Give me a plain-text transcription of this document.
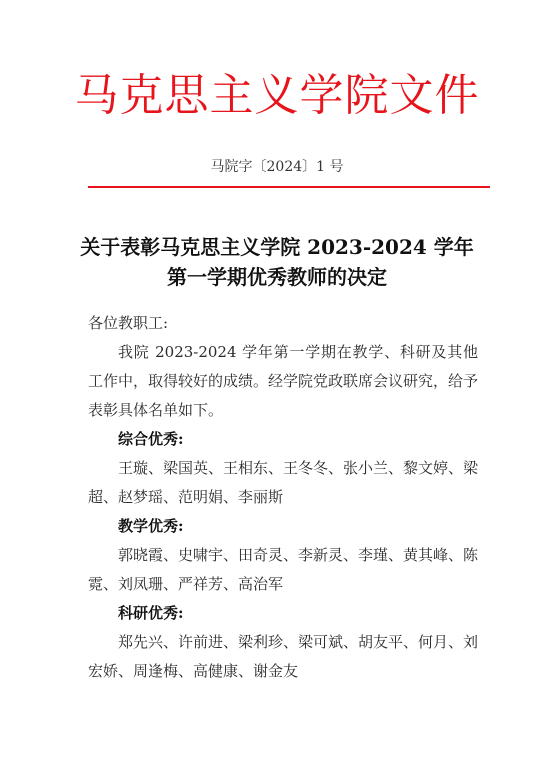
马克思主义学院文件
马院字〔2024〕1 号
关于表彰马克思主义学院 2023-2024 学年
第一学期优秀教师的决定

各位教职工:

我院 2023-2024 学年第一学期在教学、科研及其他工作中，取得较好的成绩。经学院党政联席会议研究，给予表彰具体名单如下。

综合优秀:

王璇、梁国英、王相东、王冬冬、张小兰、黎文婷、梁超、赵梦瑶、范明娟、李丽斯

教学优秀:

郭晓霞、史啸宇、田奇灵、李新灵、李瑾、黄其峰、陈霓、刘凤珊、严祥芳、高治军

科研优秀:

郑先兴、许前进、梁利珍、梁可斌、胡友平、何月、刘宏娇、周逢梅、高健康、谢金友
